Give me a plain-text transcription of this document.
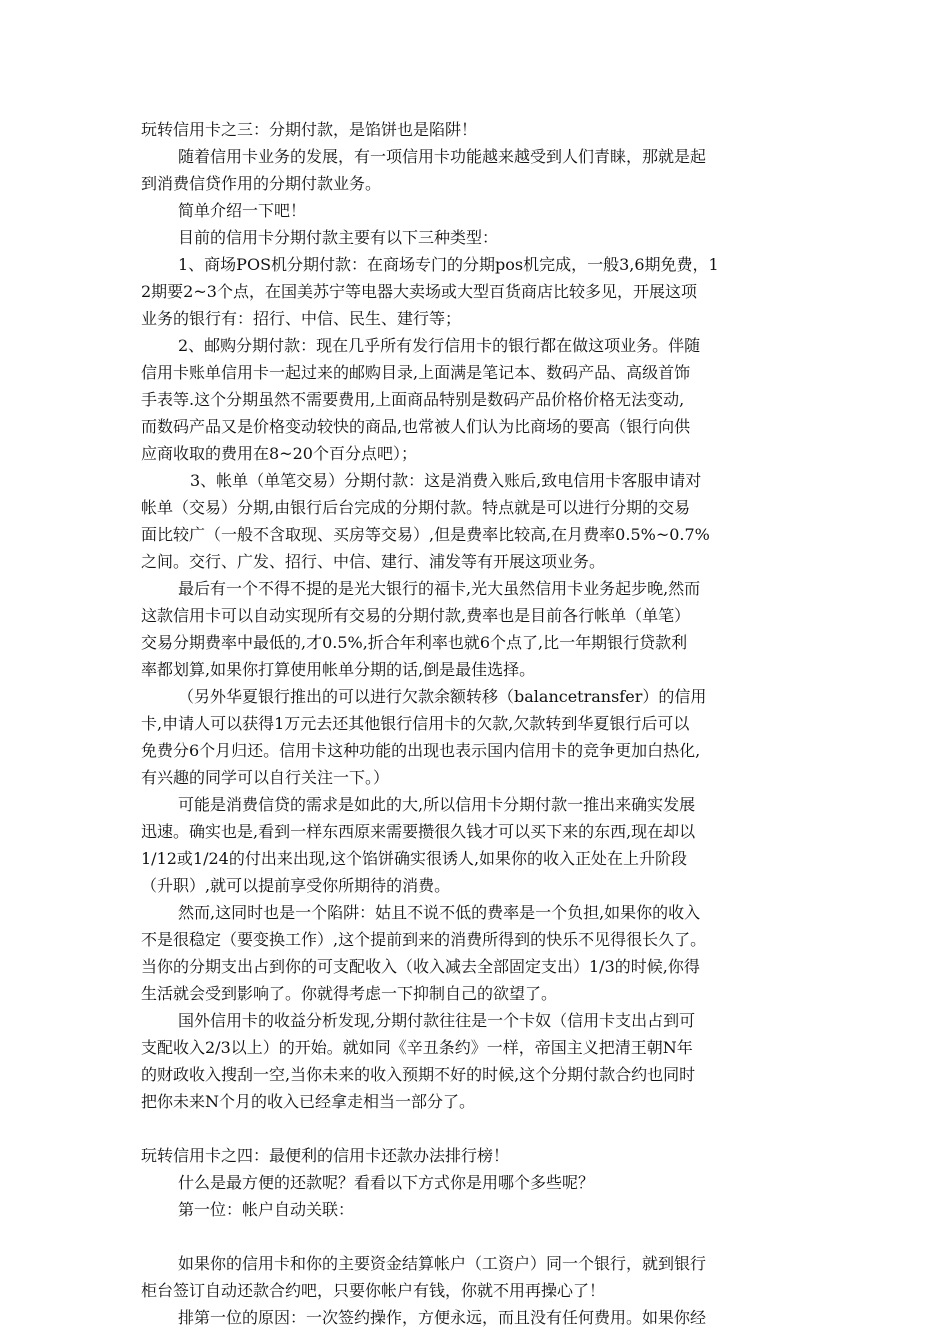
玩转信用卡之三：分期付款，是馅饼也是陷阱！
随着信用卡业务的发展，有一项信用卡功能越来越受到人们青睐，那就是起
到消费信贷作用的分期付款业务。
简单介绍一下吧！
目前的信用卡分期付款主要有以下三种类型：
1、商场POS机分期付款：在商场专门的分期pos机完成，一般3,6期免费，1
2期要2~3个点，在国美苏宁等电器大卖场或大型百货商店比较多见，开展这项
业务的银行有：招行、中信、民生、建行等；
2、邮购分期付款：现在几乎所有发行信用卡的银行都在做这项业务。伴随
信用卡账单信用卡一起过来的邮购目录,上面满是笔记本、数码产品、高级首饰
手表等.这个分期虽然不需要费用,上面商品特别是数码产品价格价格无法变动,
而数码产品又是价格变动较快的商品,也常被人们认为比商场的要高（银行向供
应商收取的费用在8~20个百分点吧）；
3、帐单（单笔交易）分期付款：这是消费入账后,致电信用卡客服申请对
帐单（交易）分期,由银行后台完成的分期付款。特点就是可以进行分期的交易
面比较广（一般不含取现、买房等交易）,但是费率比较高,在月费率0.5%~0.7%
之间。交行、广发、招行、中信、建行、浦发等有开展这项业务。
最后有一个不得不提的是光大银行的福卡,光大虽然信用卡业务起步晚,然而
这款信用卡可以自动实现所有交易的分期付款,费率也是目前各行帐单（单笔）
交易分期费率中最低的,才0.5%,折合年利率也就6个点了,比一年期银行贷款利
率都划算,如果你打算使用帐单分期的话,倒是最佳选择。
（另外华夏银行推出的可以进行欠款余额转移（balancetransfer）的信用
卡,申请人可以获得1万元去还其他银行信用卡的欠款,欠款转到华夏银行后可以
免费分6个月归还。信用卡这种功能的出现也表示国内信用卡的竞争更加白热化,
有兴趣的同学可以自行关注一下。）
可能是消费信贷的需求是如此的大,所以信用卡分期付款一推出来确实发展
迅速。确实也是,看到一样东西原来需要攒很久钱才可以买下来的东西,现在却以
1/12或1/24的付出来出现,这个馅饼确实很诱人,如果你的收入正处在上升阶段
（升职）,就可以提前享受你所期待的消费。
然而,这同时也是一个陷阱：姑且不说不低的费率是一个负担,如果你的收入
不是很稳定（要变换工作）,这个提前到来的消费所得到的快乐不见得很长久了。
当你的分期支出占到你的可支配收入（收入减去全部固定支出）1/3的时候,你得
生活就会受到影响了。你就得考虑一下抑制自己的欲望了。
国外信用卡的收益分析发现,分期付款往往是一个卡奴（信用卡支出占到可
支配收入2/3以上）的开始。就如同《辛丑条约》一样，帝国主义把清王朝N年
的财政收入搜刮一空,当你未来的收入预期不好的时候,这个分期付款合约也同时
把你未来N个月的收入已经拿走相当一部分了。
玩转信用卡之四：最便利的信用卡还款办法排行榜！
什么是最方便的还款呢？看看以下方式你是用哪个多些呢？
第一位：帐户自动关联：
如果你的信用卡和你的主要资金结算帐户（工资户）同一个银行，就到银行
柜台签订自动还款合约吧，只要你帐户有钱，你就不用再操心了！
排第一位的原因：一次签约操作，方便永远，而且没有任何费用。如果你经
